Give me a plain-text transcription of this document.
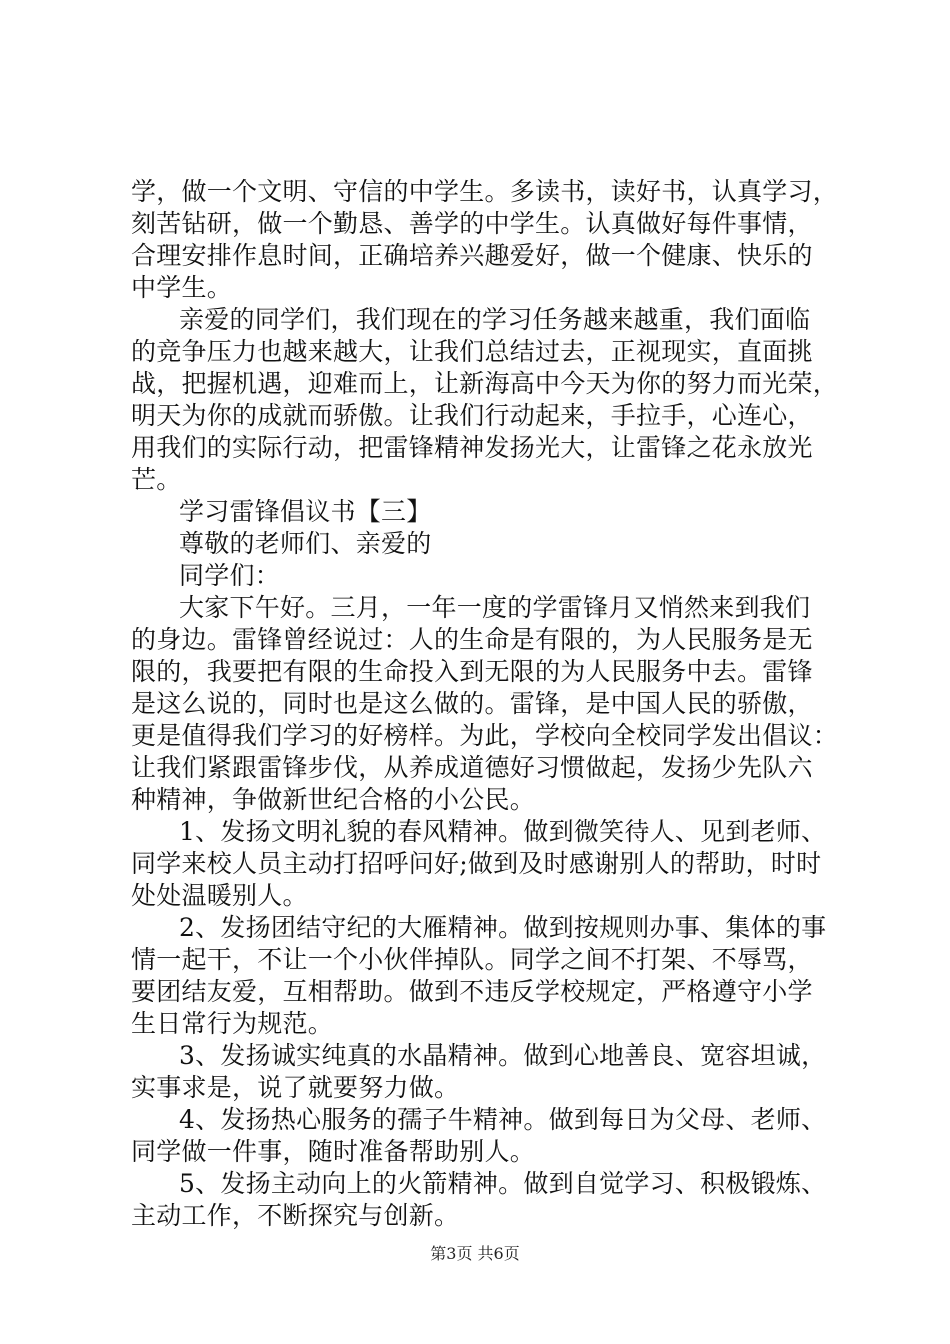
学，做一个文明、守信的中学生。多读书，读好书，认真学习，
刻苦钻研，做一个勤恳、善学的中学生。认真做好每件事情，
合理安排作息时间，正确培养兴趣爱好，做一个健康、快乐的
中学生。
亲爱的同学们，我们现在的学习任务越来越重，我们面临
的竞争压力也越来越大，让我们总结过去，正视现实，直面挑
战，把握机遇，迎难而上，让新海高中今天为你的努力而光荣，
明天为你的成就而骄傲。让我们行动起来，手拉手，心连心，
用我们的实际行动，把雷锋精神发扬光大，让雷锋之花永放光
芒。
学习雷锋倡议书【三】
尊敬的老师们、亲爱的
同学们：
大家下午好。三月，一年一度的学雷锋月又悄然来到我们
的身边。雷锋曾经说过：人的生命是有限的，为人民服务是无
限的，我要把有限的生命投入到无限的为人民服务中去。雷锋
是这么说的，同时也是这么做的。雷锋，是中国人民的骄傲，
更是值得我们学习的好榜样。为此，学校向全校同学发出倡议：
让我们紧跟雷锋步伐，从养成道德好习惯做起，发扬少先队六
种精神，争做新世纪合格的小公民。
1、发扬文明礼貌的春风精神。做到微笑待人、见到老师、
同学来校人员主动打招呼问好;做到及时感谢别人的帮助，时时
处处温暖别人。
2、发扬团结守纪的大雁精神。做到按规则办事、集体的事
情一起干，不让一个小伙伴掉队。同学之间不打架、不辱骂，
要团结友爱，互相帮助。做到不违反学校规定，严格遵守小学
生日常行为规范。
3、发扬诚实纯真的水晶精神。做到心地善良、宽容坦诚，
实事求是，说了就要努力做。
4、发扬热心服务的孺子牛精神。做到每日为父母、老师、
同学做一件事，随时准备帮助别人。
5、发扬主动向上的火箭精神。做到自觉学习、积极锻炼、
主动工作，不断探究与创新。
第3页 共6页
